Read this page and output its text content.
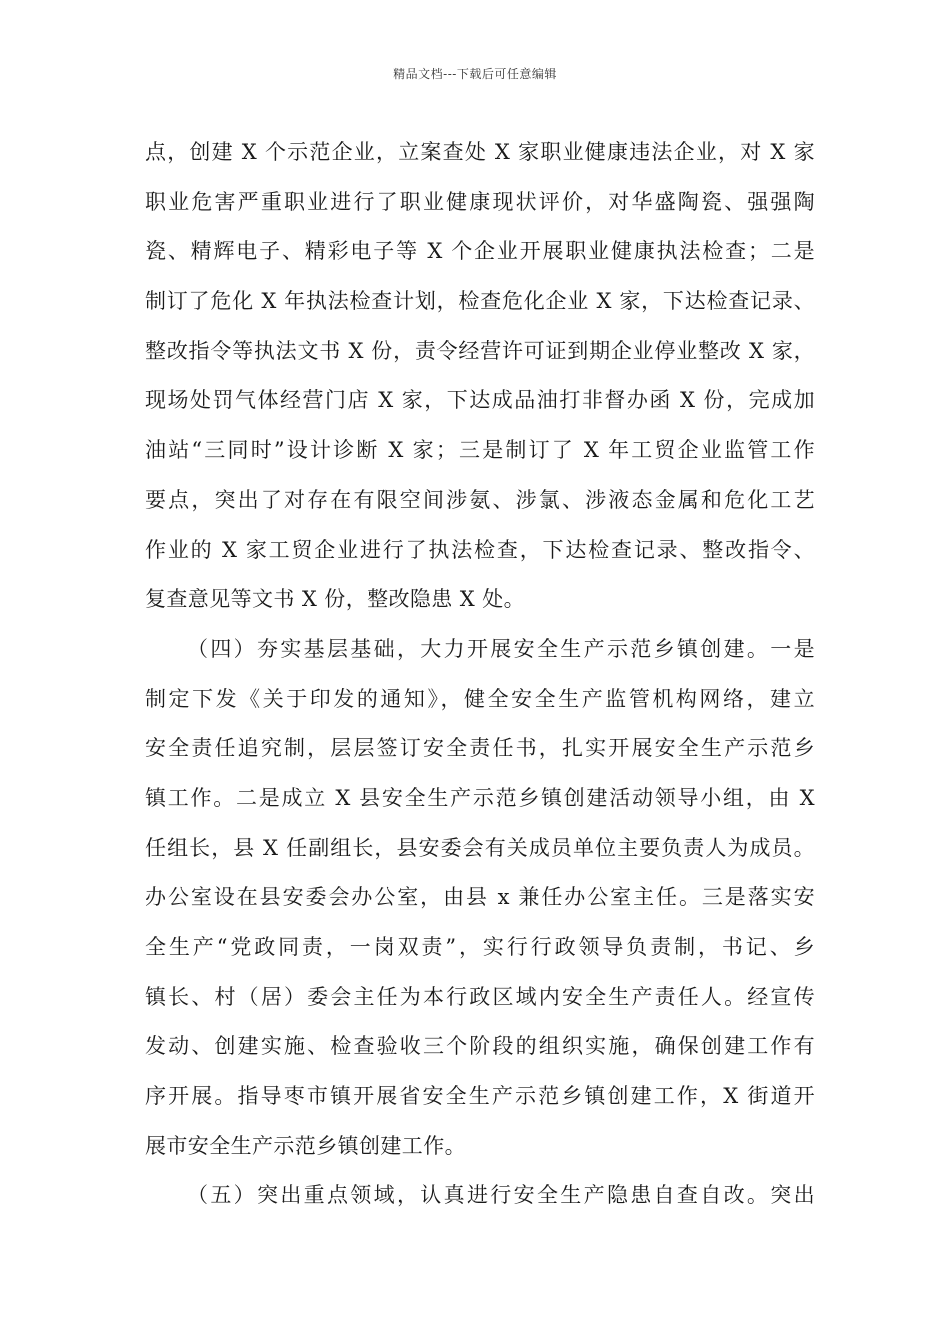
精品文档---下载后可任意编辑
点，创建 X 个示范企业，立案查处 X 家职业健康违法企业，对 X 家
职业危害严重职业进行了职业健康现状评价，对华盛陶瓷、强强陶
瓷、精辉电子、精彩电子等 X 个企业开展职业健康执法检查；二是
制订了危化 X 年执法检查计划，检查危化企业 X 家，下达检查记录、
整改指令等执法文书 X 份，责令经营许可证到期企业停业整改 X 家，
现场处罚气体经营门店 X 家，下达成品油打非督办函 X 份，完成加
油站“三同时”设计诊断 X 家；三是制订了 X 年工贸企业监管工作
要点，突出了对存在有限空间涉氨、涉氯、涉液态金属和危化工艺
作业的 X 家工贸企业进行了执法检查，下达检查记录、整改指令、
复查意见等文书 X 份，整改隐患 X 处。
（四）夯实基层基础，大力开展安全生产示范乡镇创建。一是
制定下发《关于印发的通知》，健全安全生产监管机构网络，建立
安全责任追究制，层层签订安全责任书，扎实开展安全生产示范乡
镇工作。二是成立 X 县安全生产示范乡镇创建活动领导小组，由 X
任组长，县 X 任副组长，县安委会有关成员单位主要负责人为成员。
办公室设在县安委会办公室，由县 x 兼任办公室主任。三是落实安
全生产“党政同责，一岗双责”，实行行政领导负责制，书记、乡
镇长、村（居）委会主任为本行政区域内安全生产责任人。经宣传
发动、创建实施、检查验收三个阶段的组织实施，确保创建工作有
序开展。指导枣市镇开展省安全生产示范乡镇创建工作，X 街道开
展市安全生产示范乡镇创建工作。
（五）突出重点领域，认真进行安全生产隐患自查自改。突出
